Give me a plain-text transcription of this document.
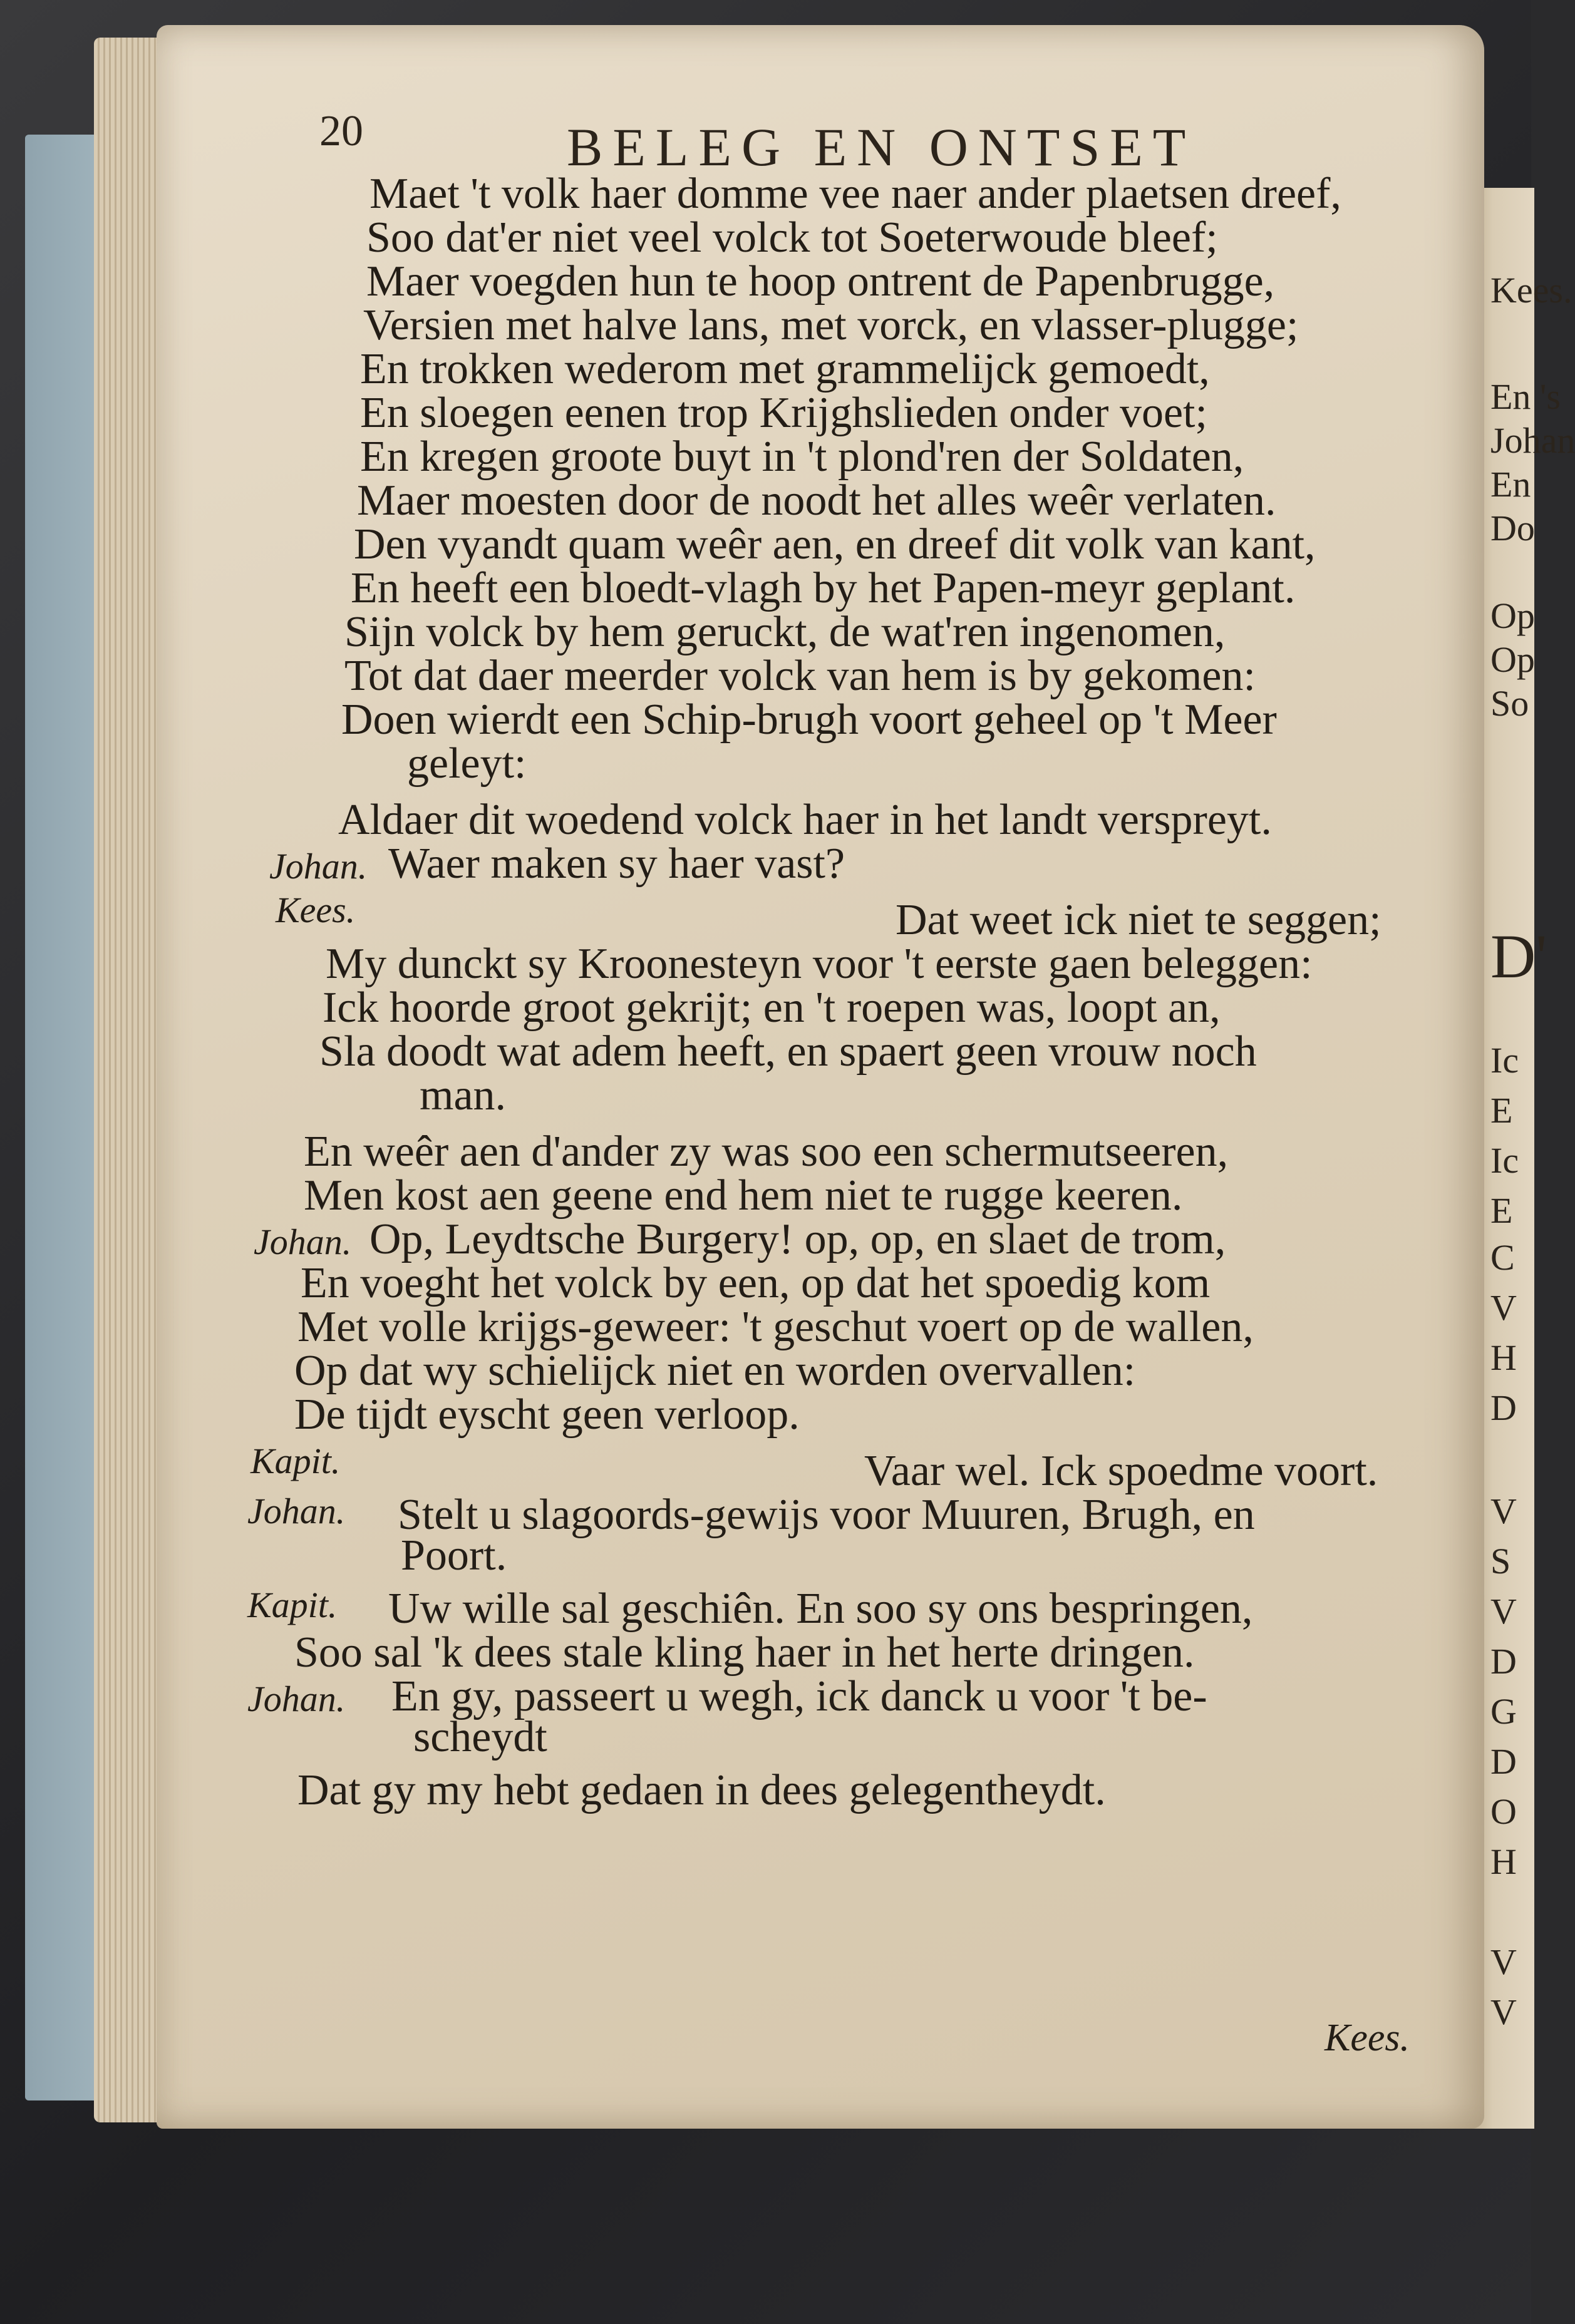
Kees.
En 's
Johan
En
Do
Op
Op
So
D'
Ic
E
Ic
E
C
V
H
D
V
S
V
D
G
D
O
H
V
V
20	BELEG EN ONTSET
Maet 't volk haer domme vee naer ander plaetsen dreef,
Soo dat'er niet veel volck tot Soeterwoude bleef;
Maer voegden hun te hoop ontrent de Papenbrugge,
Versien met halve lans, met vorck, en vlasser-plugge;
En trokken wederom met grammelijck gemoedt,
En sloegen eenen trop Krijghslieden onder voet;
En kregen groote buyt in 't plond'ren der Soldaten,
Maer moesten door de noodt het alles weêr verlaten.
Den vyandt quam weêr aen, en dreef dit volk van kant,
En heeft een bloedt-vlagh by het Papen-meyr geplant.
Sijn volck by hem geruckt, de wat'ren ingenomen,
Tot dat daer meerder volck van hem is by gekomen:
Doen wierdt een Schip-brugh voort geheel op 't Meer
geleyt:
Aldaer dit woedend volck haer in het landt verspreyt.
Johan. Waer maken sy haer vast?
Kees.	Dat weet ick niet te seggen;
My dunckt sy Kroonesteyn voor 't eerste gaen beleggen:
Ick hoorde groot gekrijt; en 't roepen was, loopt an,
Sla doodt wat adem heeft, en spaert geen vrouw noch
man.
En weêr aen d'ander zy was soo een schermutseeren,
Men kost aen geene end hem niet te rugge keeren.
Johan. Op, Leydtsche Burgery! op, op, en slaet de trom,
En voeght het volck by een, op dat het spoedig kom
Met volle krijgs-geweer: 't geschut voert op de wallen,
Op dat wy schielijck niet en worden overvallen:
De tijdt eyscht geen verloop.
Kapit.	Vaar wel. Ick spoedme voort.
Johan. Stelt u slagoords-gewijs voor Muuren, Brugh, en
Poort.
Kapit. Uw wille sal geschiên. En soo sy ons bespringen,
Soo sal 'k dees stale kling haer in het herte dringen.
Johan. En gy, passeert u wegh, ick danck u voor 't be-
scheydt
Dat gy my hebt gedaen in dees gelegentheydt.
Kees.
